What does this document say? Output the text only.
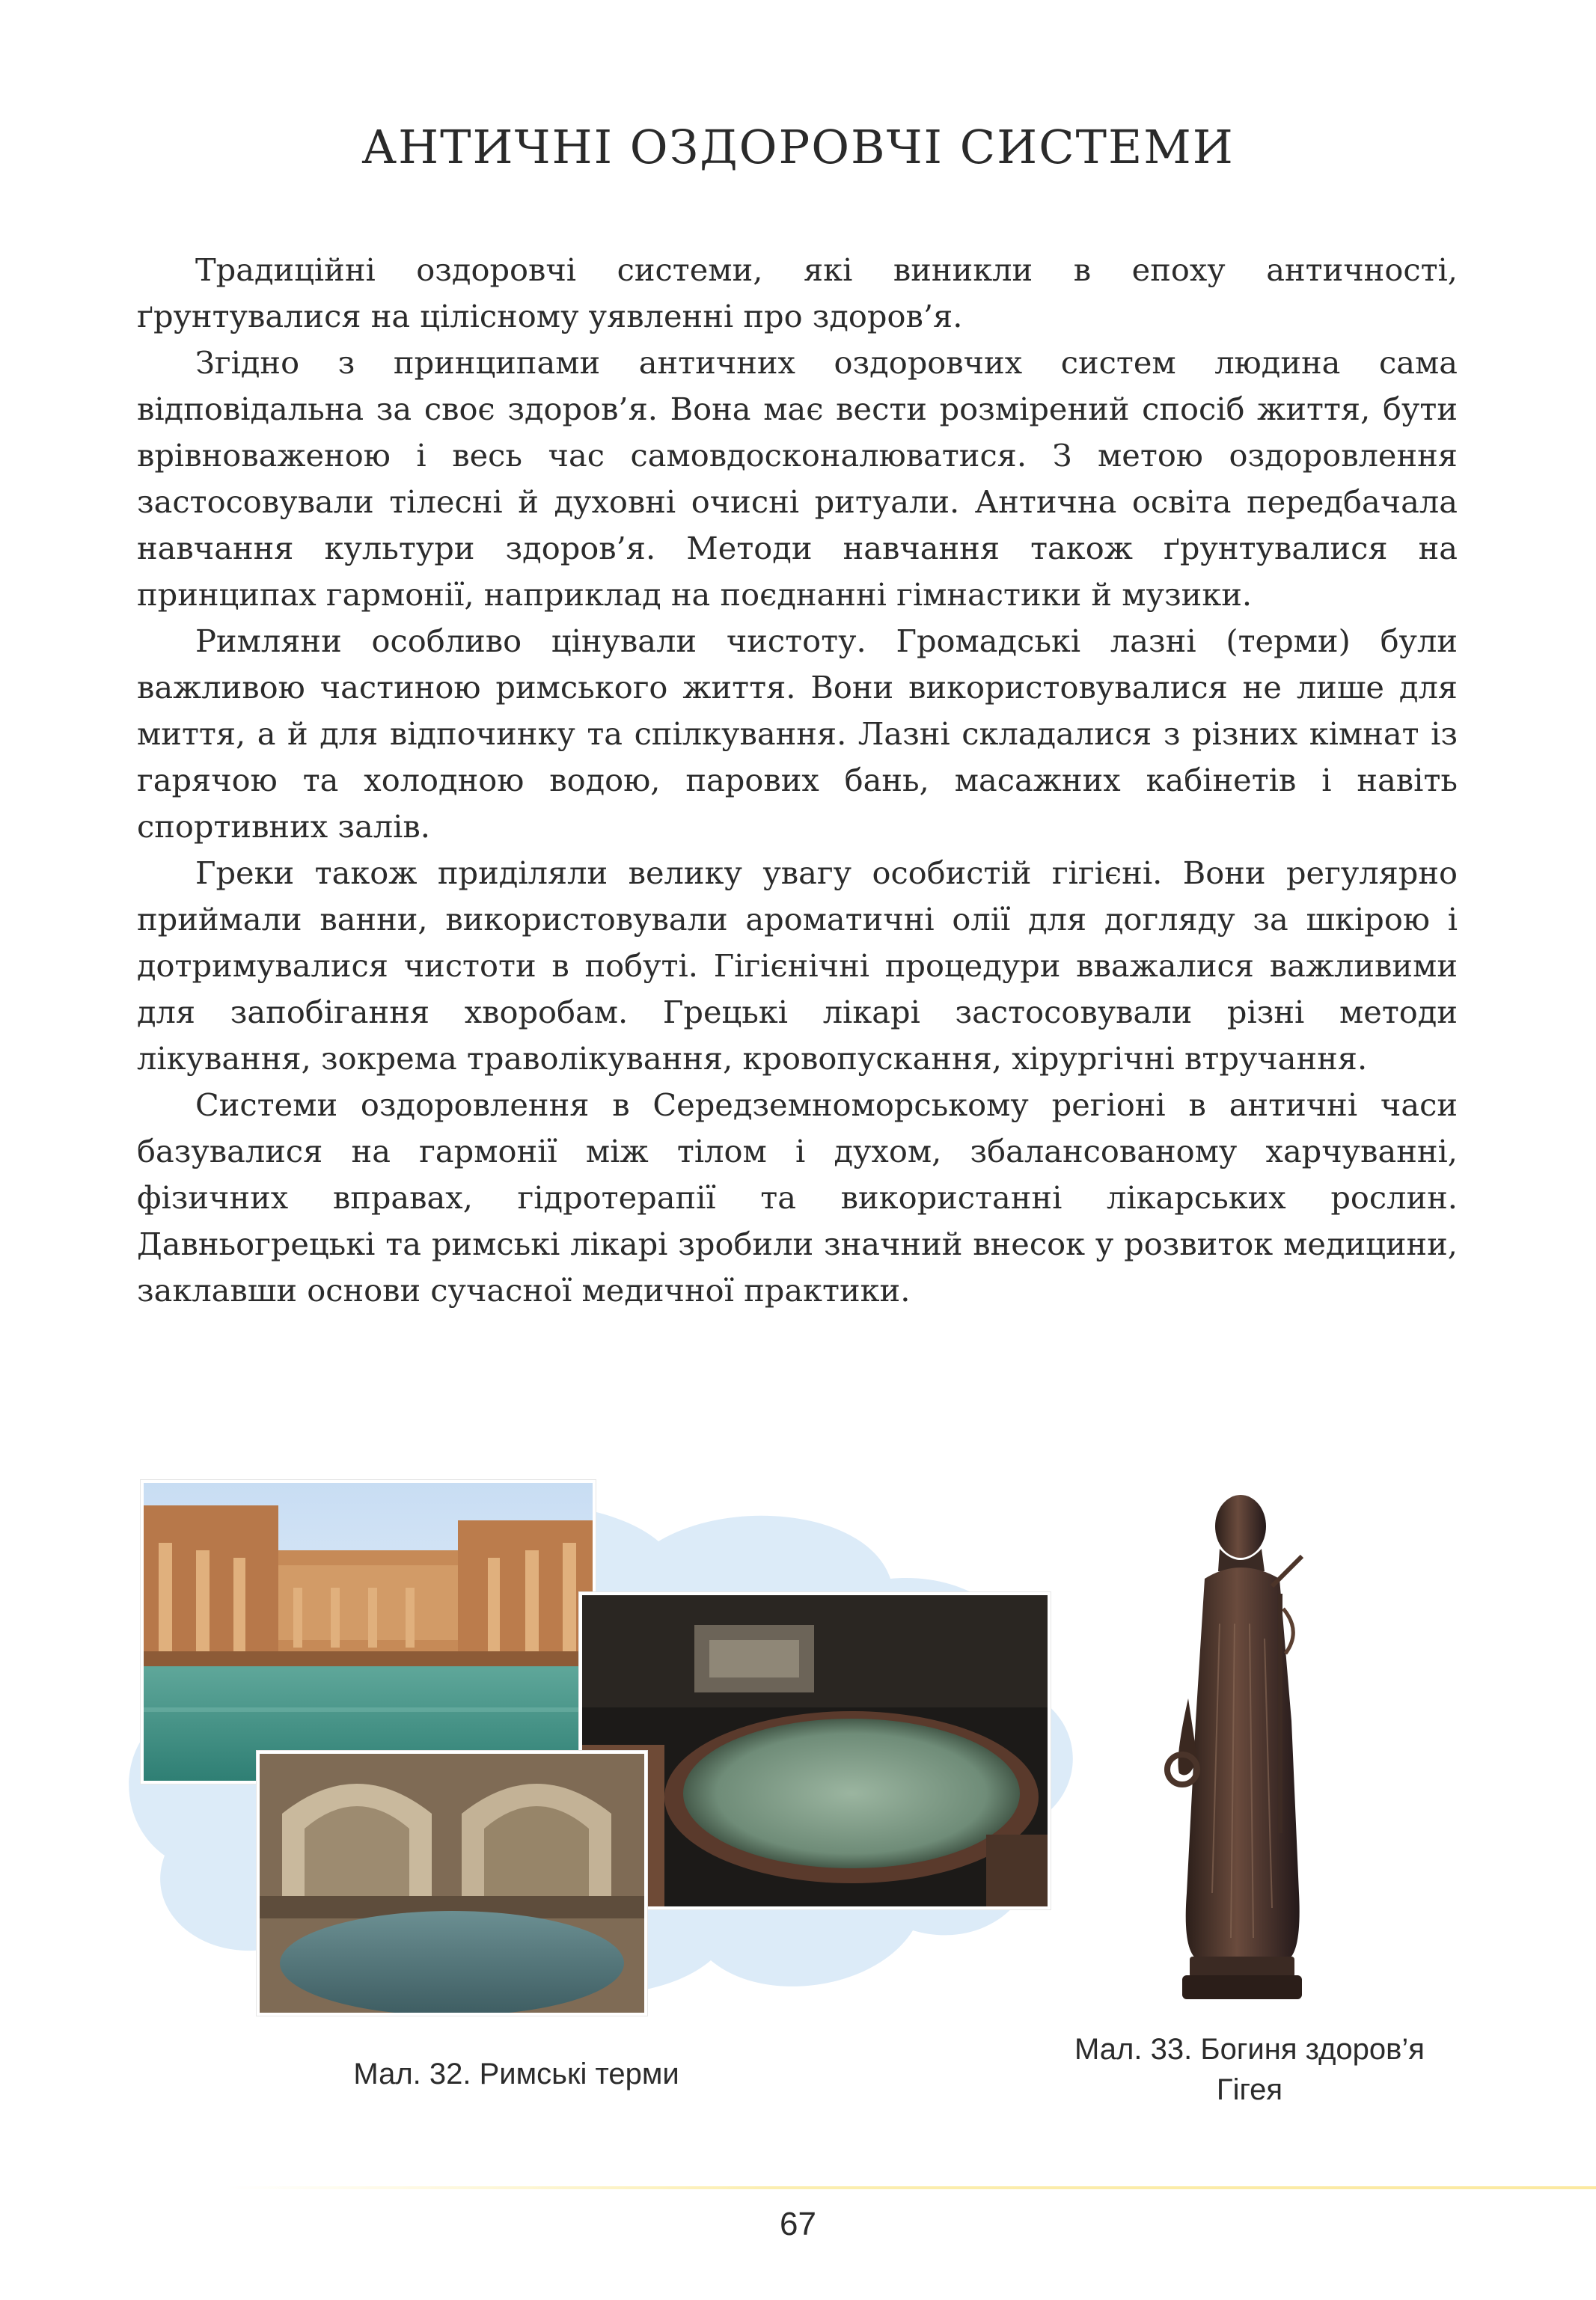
АНТИЧНІ ОЗДОРОВЧІ СИСТЕМИ

Традиційні оздоровчі системи, які виникли в епоху античності, ґрунтувалися на цілісному уявленні про здоров’я.

Згідно з принципами античних оздоровчих систем людина сама відповідальна за своє здоров’я. Вона має вести розмірений спосіб життя, бути врівноваженою і весь час самовдосконалюватися. З метою оздоровлення застосовували тілесні й духовні очисні ритуали. Антична освіта передбачала навчання культури здоров’я. Методи навчання також ґрунтувалися на принципах гармонії, наприклад на поєднанні гімнастики й музики.

Римляни особливо цінували чистоту. Громадські лазні (терми) були важливою частиною римського життя. Вони використовувалися не лише для миття, а й для відпочинку та спілкування. Лазні складалися з різних кімнат із гарячою та холодною водою, парових бань, масажних кабінетів і навіть спортивних залів.

Греки також приділяли велику увагу особистій гігієні. Вони регулярно приймали ванни, використовували ароматичні олії для догляду за шкірою і дотримувалися чистоти в побуті. Гігієнічні процедури вважалися важливими для запобігання хворобам. Грецькі лікарі застосовували різні методи лікування, зокрема траволікування, кровопускання, хірургічні втручання.

Системи оздоровлення в Середземноморському регіоні в античні часи базувалися на гармонії між тілом і духом, збалансованому харчуванні, фізичних вправах, гідротерапії та використанні лікарських рослин. Давньогрецькі та римські лікарі зробили значний внесок у розвиток медицини, заклавши основи сучасної медичної практики.

Мал. 32. Римські терми
Мал. 33. Богиня здоров’я
Гігея
67
